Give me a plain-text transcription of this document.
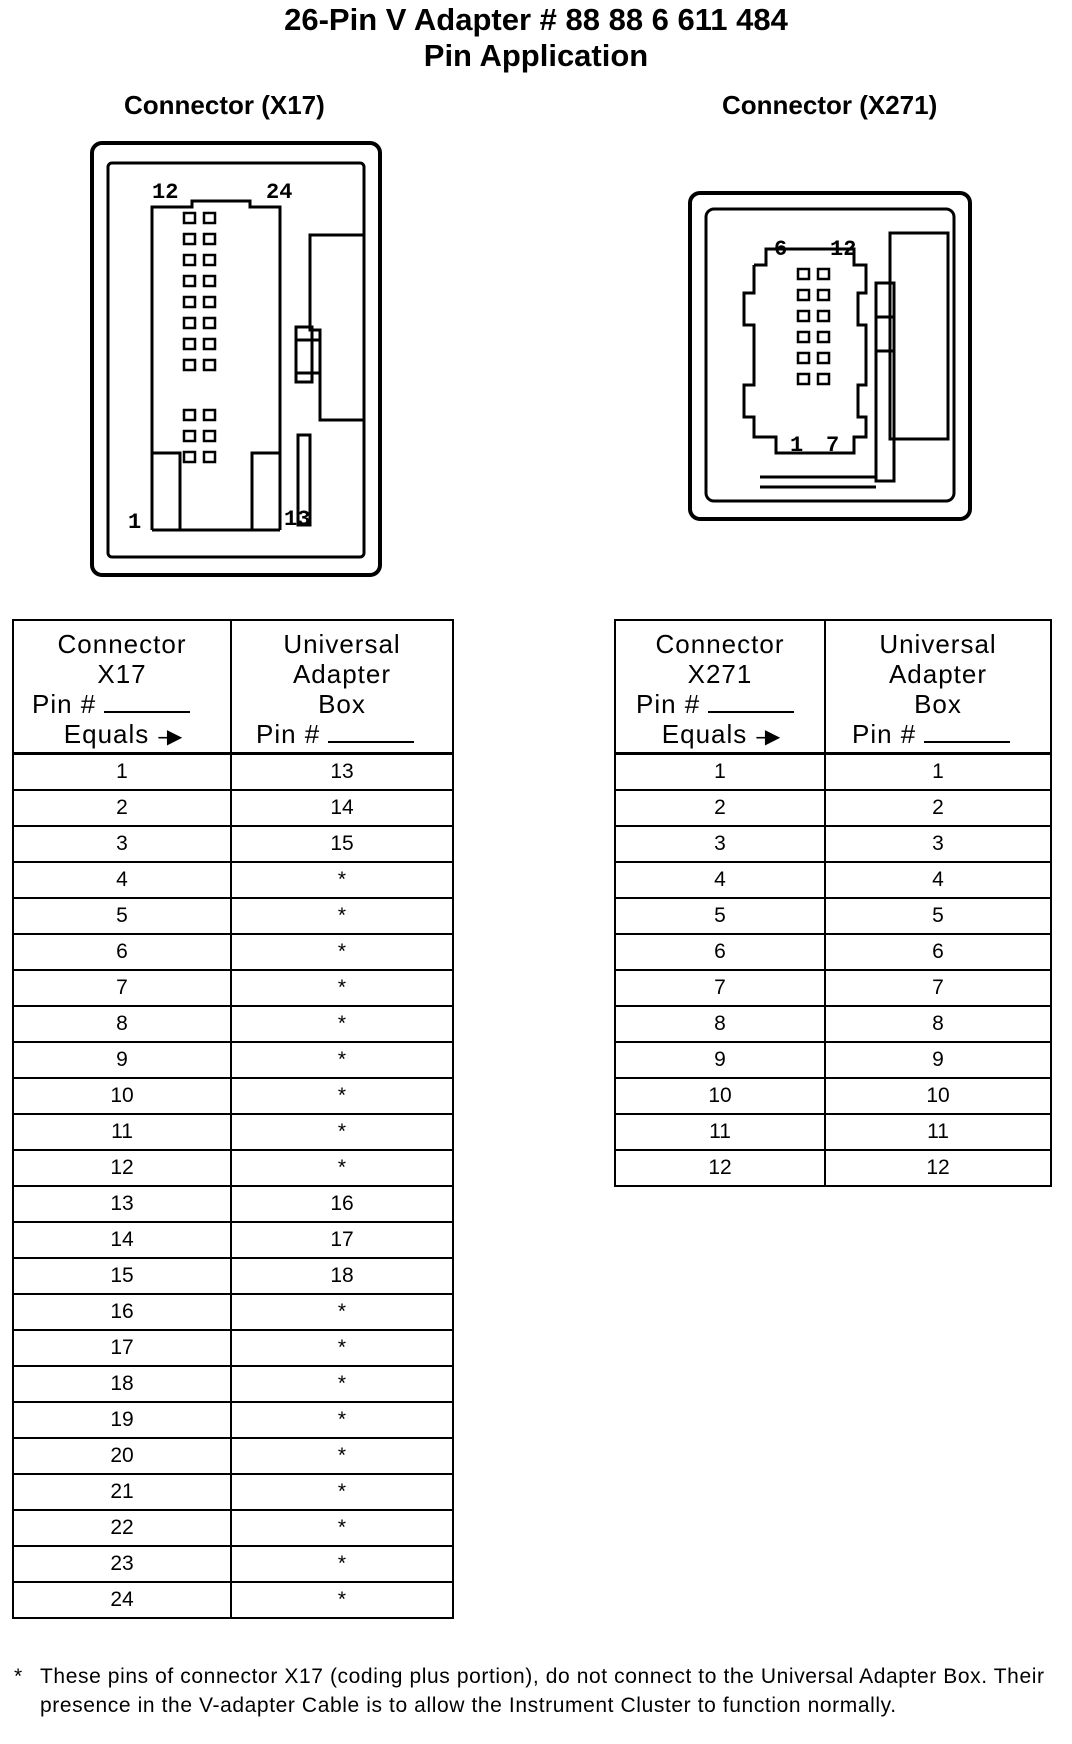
26-Pin V Adapter # 88 88 6 611 484
Pin Application
Connector (X17)	Connector (X271)
12	24
1	13
6 12
1 7
Connector
X17
Pin #
Equals --▶	Universal
Adapter
Box
Pin #

1	13
2	14
3	15
4	*
5	*
6	*
7	*
8	*
9	*
10	*
11	*
12	*
13	16
14	17
15	18
16	*
17	*
18	*
19	*
20	*
21	*
22	*
23	*
24	*
Connector
X271
Pin #
Equals --▶	Universal
Adapter
Box
Pin #

1	1
2	2
3	3
4	4
5	5
6	6
7	7
8	8
9	9
10	10
11	11
12	12
* These pins of connector X17 (coding plus portion), do not connect to the Universal Adapter Box. Their presence in the V-adapter Cable is to allow the Instrument Cluster to function normally.
